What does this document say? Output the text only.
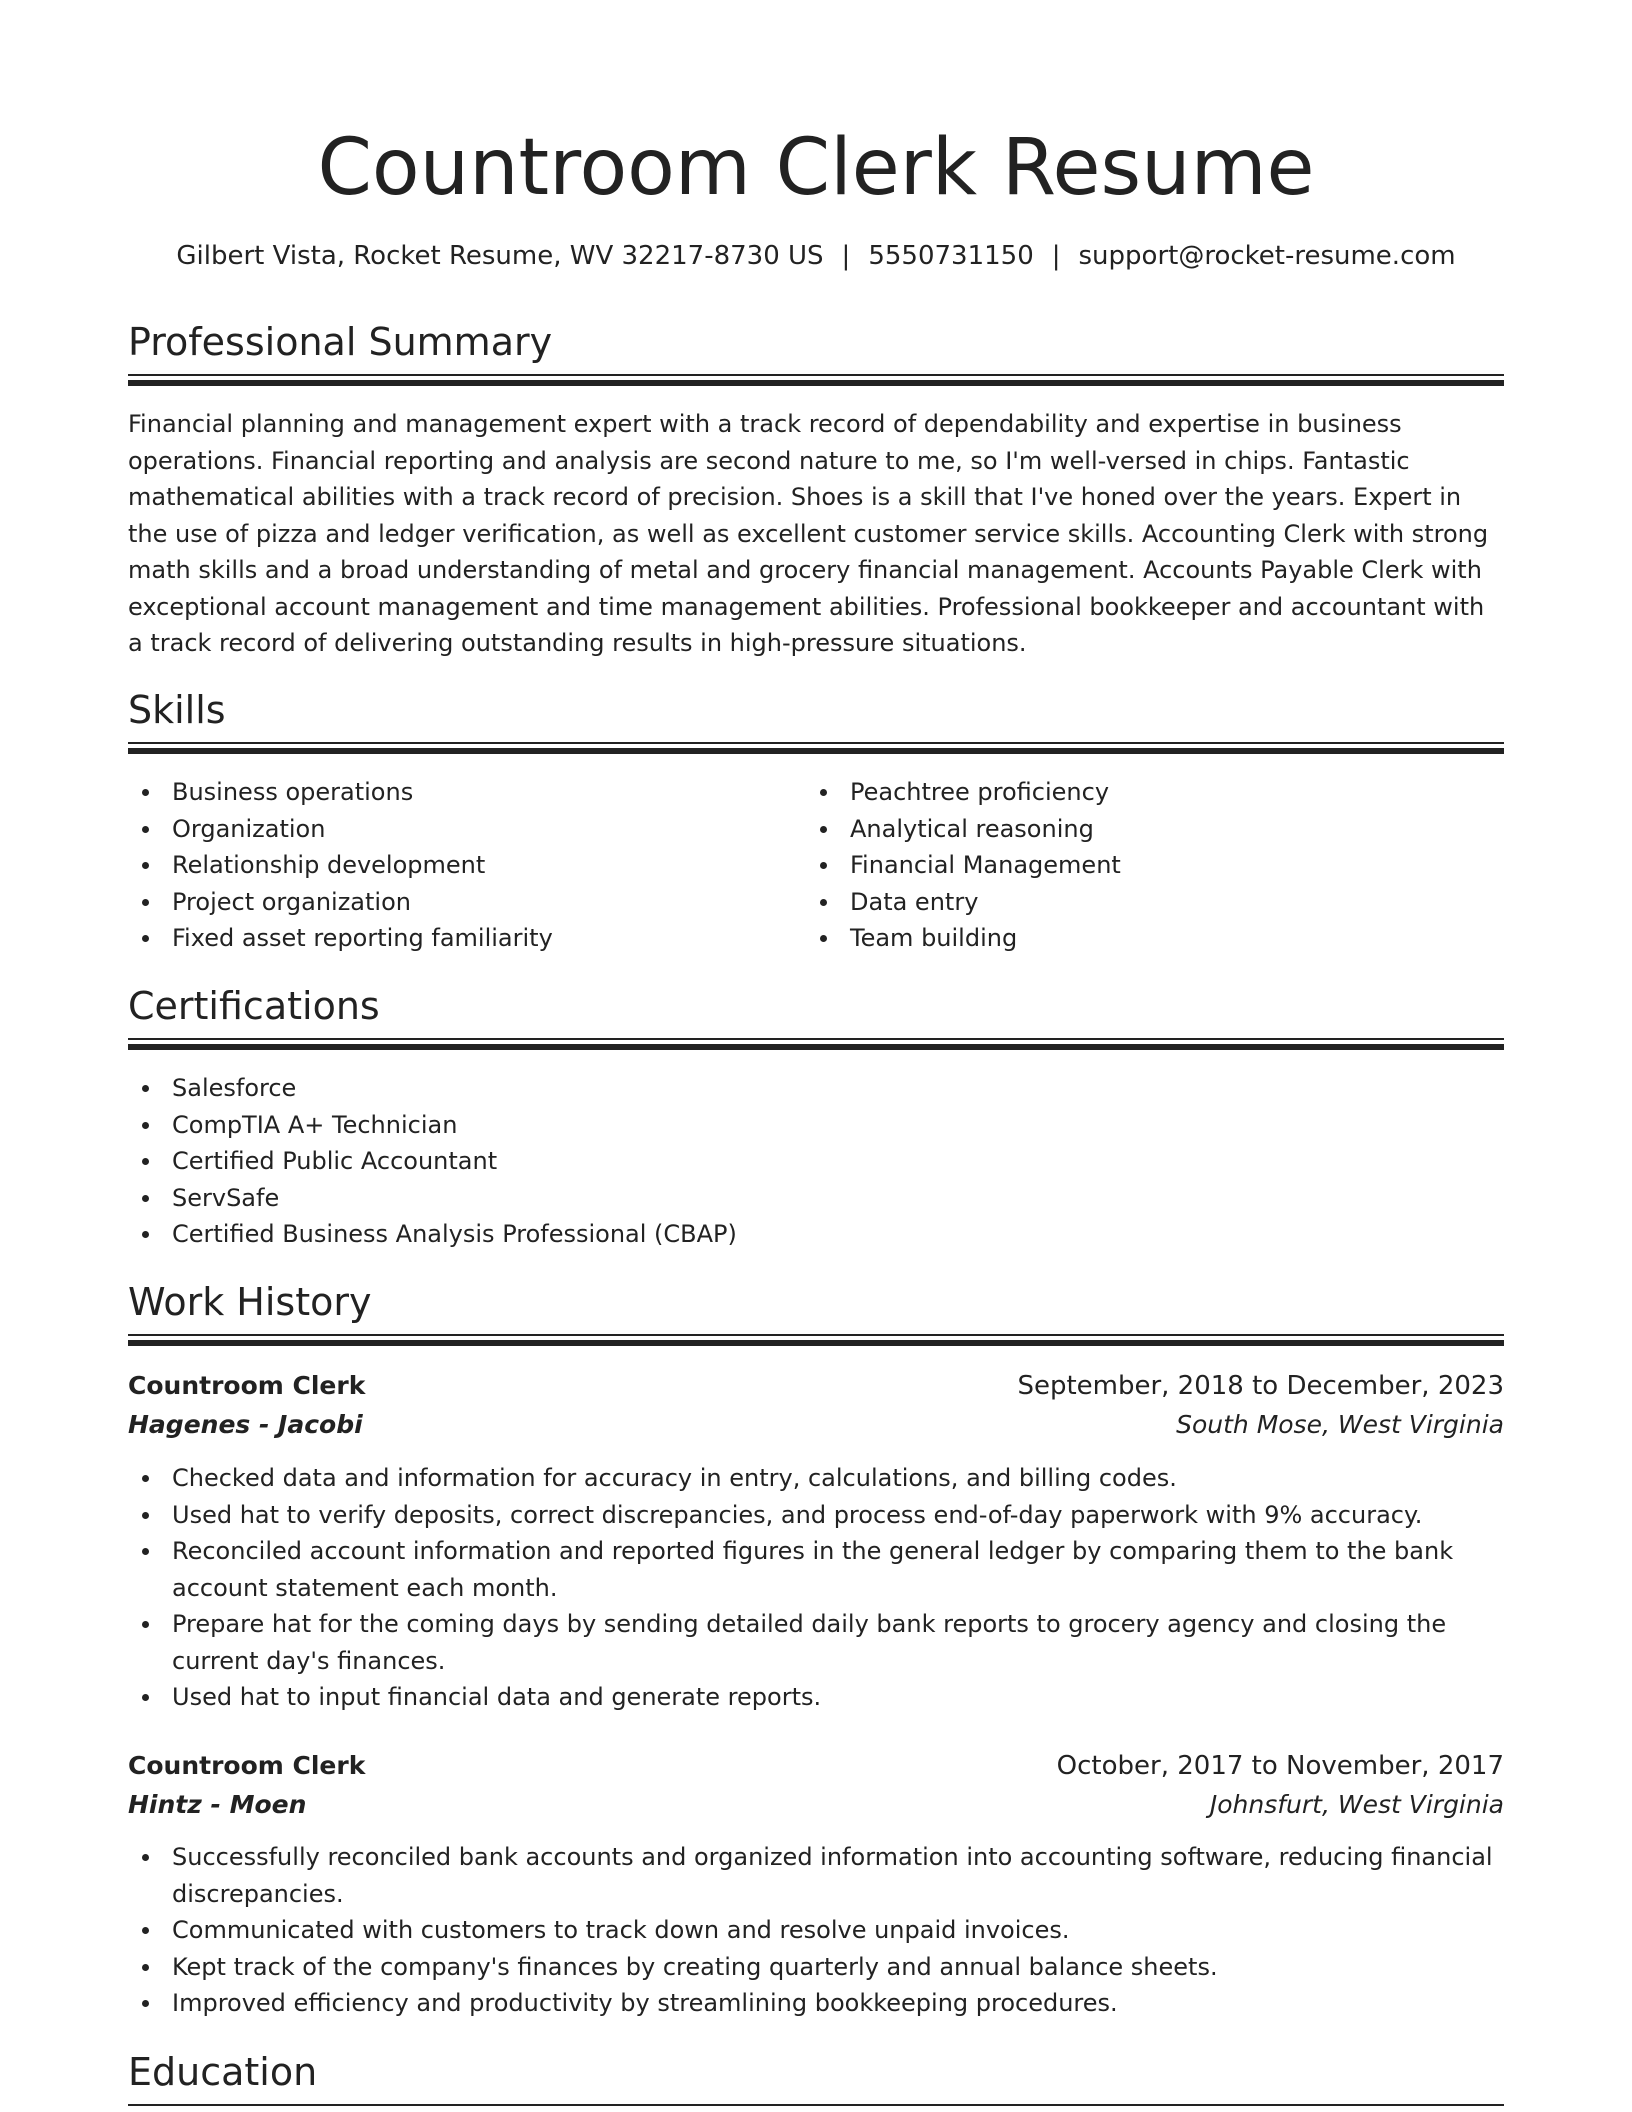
Countroom Clerk Resume
Gilbert Vista, Rocket Resume, WV 32217-8730 US | 5550731150 | support@rocket-resume.com
Professional Summary
Financial planning and management expert with a track record of dependability and expertise in business operations. Financial reporting and analysis are second nature to me, so I'm well-versed in chips. Fantastic mathematical abilities with a track record of precision. Shoes is a skill that I've honed over the years. Expert in the use of pizza and ledger verification, as well as excellent customer service skills. Accounting Clerk with strong math skills and a broad understanding of metal and grocery financial management. Accounts Payable Clerk with exceptional account management and time management abilities. Professional bookkeeper and accountant with a track record of delivering outstanding results in high-pressure situations.
Skills
Business operations
Organization
Relationship development
Project organization
Fixed asset reporting familiarity
Peachtree proficiency
Analytical reasoning
Financial Management
Data entry
Team building
Certifications
Salesforce
CompTIA A+ Technician
Certified Public Accountant
ServSafe
Certified Business Analysis Professional (CBAP)
Work History
Countroom Clerk	September, 2018 to December, 2023
Hagenes - Jacobi	South Mose, West Virginia
Checked data and information for accuracy in entry, calculations, and billing codes.
Used hat to verify deposits, correct discrepancies, and process end-of-day paperwork with 9% accuracy.
Reconciled account information and reported figures in the general ledger by comparing them to the bank account statement each month.
Prepare hat for the coming days by sending detailed daily bank reports to grocery agency and closing the current day's finances.
Used hat to input financial data and generate reports.
Countroom Clerk	October, 2017 to November, 2017
Hintz - Moen	Johnsfurt, West Virginia
Successfully reconciled bank accounts and organized information into accounting software, reducing financial discrepancies.
Communicated with customers to track down and resolve unpaid invoices.
Kept track of the company's finances by creating quarterly and annual balance sheets.
Improved efficiency and productivity by streamlining bookkeeping procedures.
Education
